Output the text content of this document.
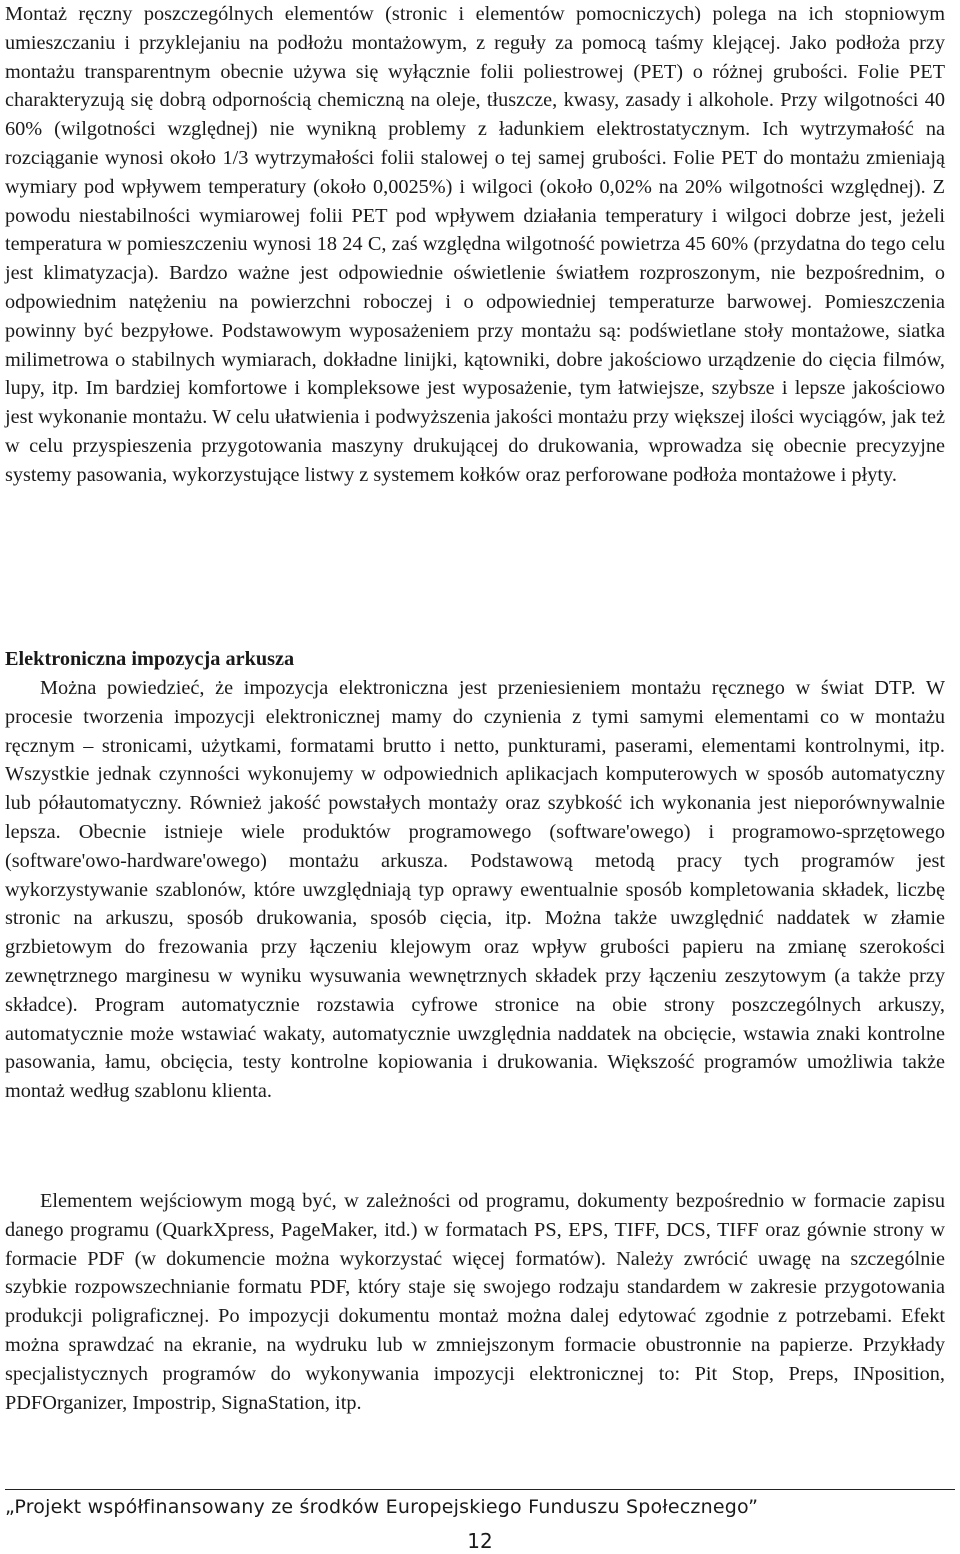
Montaż ręczny poszczególnych elementów (stronic i elementów pomocniczych) polega na ich stopniowym umieszczaniu i przyklejaniu na podłożu montażowym, z reguły za pomocą taśmy klejącej. Jako podłoża przy montażu transparentnym obecnie używa się wyłącznie folii poliestrowej (PET) o różnej grubości. Folie PET charakteryzują się dobrą odpornością chemiczną na oleje, tłuszcze, kwasy, zasady i alkohole. Przy wilgotności 40 60% (wilgotności względnej) nie wynikną problemy z ładunkiem elektrostatycznym. Ich wytrzymałość na rozciąganie wynosi około 1/3 wytrzymałości folii stalowej o tej samej grubości. Folie PET do montażu zmieniają wymiary pod wpływem temperatury (około 0,0025%) i wilgoci (około 0,02% na 20% wilgotności względnej). Z powodu niestabilności wymiarowej folii PET pod wpływem działania temperatury i wilgoci dobrze jest, jeżeli temperatura w pomieszczeniu wynosi 18 24 C, zaś względna wilgotność powietrza 45 60% (przydatna do tego celu jest klimatyzacja). Bardzo ważne jest odpowiednie oświetlenie światłem rozproszonym, nie bezpośrednim, o odpowiednim natężeniu na powierzchni roboczej i o odpowiedniej temperaturze barwowej. Pomieszczenia powinny być bezpyłowe. Podstawowym wyposażeniem przy montażu są: podświetlane stoły montażowe, siatka milimetrowa o stabilnych wymiarach, dokładne linijki, kątowniki, dobre jakościowo urządzenie do cięcia filmów, lupy, itp. Im bardziej komfortowe i kompleksowe jest wyposażenie, tym łatwiejsze, szybsze i lepsze jakościowo jest wykonanie montażu. W celu ułatwienia i podwyższenia jakości montażu przy większej ilości wyciągów, jak też w celu przyspieszenia przygotowania maszyny drukującej do drukowania, wprowadza się obecnie precyzyjne systemy pasowania, wykorzystujące listwy z systemem kołków oraz perforowane podłoża montażowe i płyty.

Elektroniczna impozycja arkusza

Można powiedzieć, że impozycja elektroniczna jest przeniesieniem montażu ręcznego w świat DTP. W procesie tworzenia impozycji elektronicznej mamy do czynienia z tymi samymi elementami co w montażu ręcznym – stronicami, użytkami, formatami brutto i netto, punkturami, paserami, elementami kontrolnymi, itp. Wszystkie jednak czynności wykonujemy w odpowiednich aplikacjach komputerowych w sposób automatyczny lub półautomatyczny. Również jakość powstałych montaży oraz szybkość ich wykonania jest nieporównywalnie lepsza. Obecnie istnieje wiele produktów programowego (software'owego) i programowo-sprzętowego (software'owo-hardware'owego) montażu arkusza. Podstawową metodą pracy tych programów jest wykorzystywanie szablonów, które uwzględniają typ oprawy ewentualnie sposób kompletowania składek, liczbę stronic na arkuszu, sposób drukowania, sposób cięcia, itp. Można także uwzględnić naddatek w złamie grzbietowym do frezowania przy łączeniu klejowym oraz wpływ grubości papieru na zmianę szerokości zewnętrznego marginesu w wyniku wysuwania wewnętrznych składek przy łączeniu zeszytowym (a także przy składce). Program automatycznie rozstawia cyfrowe stronice na obie strony poszczególnych arkuszy, automatycznie może wstawiać wakaty, automatycznie uwzględnia naddatek na obcięcie, wstawia znaki kontrolne pasowania, łamu, obcięcia, testy kontrolne kopiowania i drukowania. Większość programów umożliwia także montaż według szablonu klienta.

Elementem wejściowym mogą być, w zależności od programu, dokumenty bezpośrednio w formacie zapisu danego programu (QuarkXpress, PageMaker, itd.) w formatach PS, EPS, TIFF, DCS, TIFF oraz gównie strony w formacie PDF (w dokumencie można wykorzystać więcej formatów). Należy zwrócić uwagę na szczególnie szybkie rozpowszechnianie formatu PDF, który staje się swojego rodzaju standardem w zakresie przygotowania produkcji poligraficznej. Po impozycji dokumentu montaż można dalej edytować zgodnie z potrzebami. Efekt można sprawdzać na ekranie, na wydruku lub w zmniejszonym formacie obustronnie na papierze. Przykłady specjalistycznych programów do wykonywania impozycji elektronicznej to: Pit Stop, Preps, INposition, PDFOrganizer, Impostrip, SignaStation, itp.

„Projekt współfinansowany ze środków Europejskiego Funduszu Społecznego”
12
